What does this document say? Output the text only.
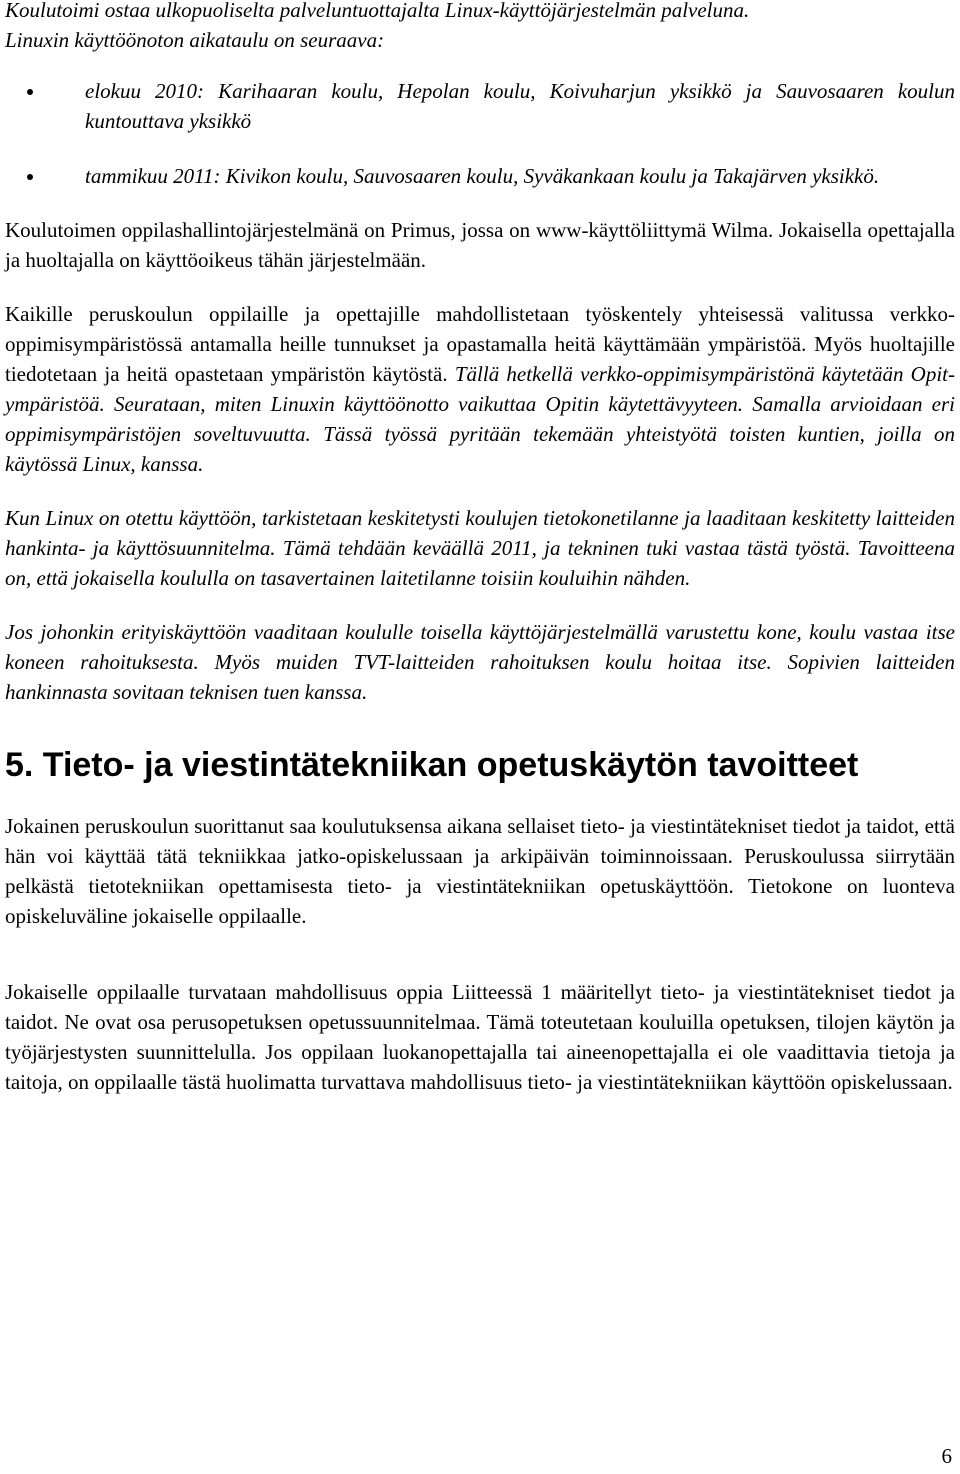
Koulutoimi ostaa ulkopuoliselta palveluntuottajalta Linux-käyttöjärjestelmän palveluna.

Linuxin käyttöönoton aikataulu on seuraava:

elokuu 2010: Karihaaran koulu, Hepolan koulu, Koivuharjun yksikkö ja Sauvosaaren koulun kuntouttava yksikkö
tammikuu 2011: Kivikon koulu, Sauvosaaren koulu, Syväkankaan koulu ja Takajärven yksikkö.

Koulutoimen oppilashallintojärjestelmänä on Primus, jossa on www-käyttöliittymä Wilma. Jokaisella opettajalla ja huoltajalla on käyttöoikeus tähän järjestelmään.

Kaikille peruskoulun oppilaille ja opettajille mahdollistetaan työskentely yhteisessä valitussa verkko-oppimisympäristössä antamalla heille tunnukset ja opastamalla heitä käyttämään ympäristöä. Myös huoltajille tiedotetaan ja heitä opastetaan ympäristön käytöstä. Tällä hetkellä verkko-oppimisympäristönä käytetään Opit-ympäristöä. Seurataan, miten Linuxin käyttöönotto vaikuttaa Opitin käytettävyyteen. Samalla arvioidaan eri oppimisympäristöjen soveltuvuutta. Tässä työssä pyritään tekemään yhteistyötä toisten kuntien, joilla on käytössä Linux, kanssa.

Kun Linux on otettu käyttöön, tarkistetaan keskitetysti koulujen tietokonetilanne ja laaditaan keskitetty laitteiden hankinta- ja käyttösuunnitelma. Tämä tehdään keväällä 2011, ja tekninen tuki vastaa tästä työstä. Tavoitteena on, että jokaisella koululla on tasavertainen laitetilanne toisiin kouluihin nähden.

Jos johonkin erityiskäyttöön vaaditaan koululle toisella käyttöjärjestelmällä varustettu kone, koulu vastaa itse koneen rahoituksesta. Myös muiden TVT-laitteiden rahoituksen koulu hoitaa itse. Sopivien laitteiden hankinnasta sovitaan teknisen tuen kanssa.

5. Tieto- ja viestintätekniikan opetuskäytön tavoitteet

Jokainen peruskoulun suorittanut saa koulutuksensa aikana sellaiset tieto- ja viestintätekniset tiedot ja taidot, että hän voi käyttää tätä tekniikkaa jatko-opiskelussaan ja arkipäivän toiminnoissaan. Peruskoulussa siirrytään pelkästä tietotekniikan opettamisesta tieto- ja viestintätekniikan opetuskäyttöön. Tietokone on luonteva opiskeluväline jokaiselle oppilaalle.

Jokaiselle oppilaalle turvataan mahdollisuus oppia Liitteessä 1 määritellyt tieto- ja viestintätekniset tiedot ja taidot. Ne ovat osa perusopetuksen opetussuunnitelmaa. Tämä toteutetaan kouluilla opetuksen, tilojen käytön ja työjärjestysten suunnittelulla. Jos oppilaan luokanopettajalla tai aineenopettajalla ei ole vaadittavia tietoja ja taitoja, on oppilaalle tästä huolimatta turvattava mahdollisuus tieto- ja viestintätekniikan käyttöön opiskelussaan.

6
